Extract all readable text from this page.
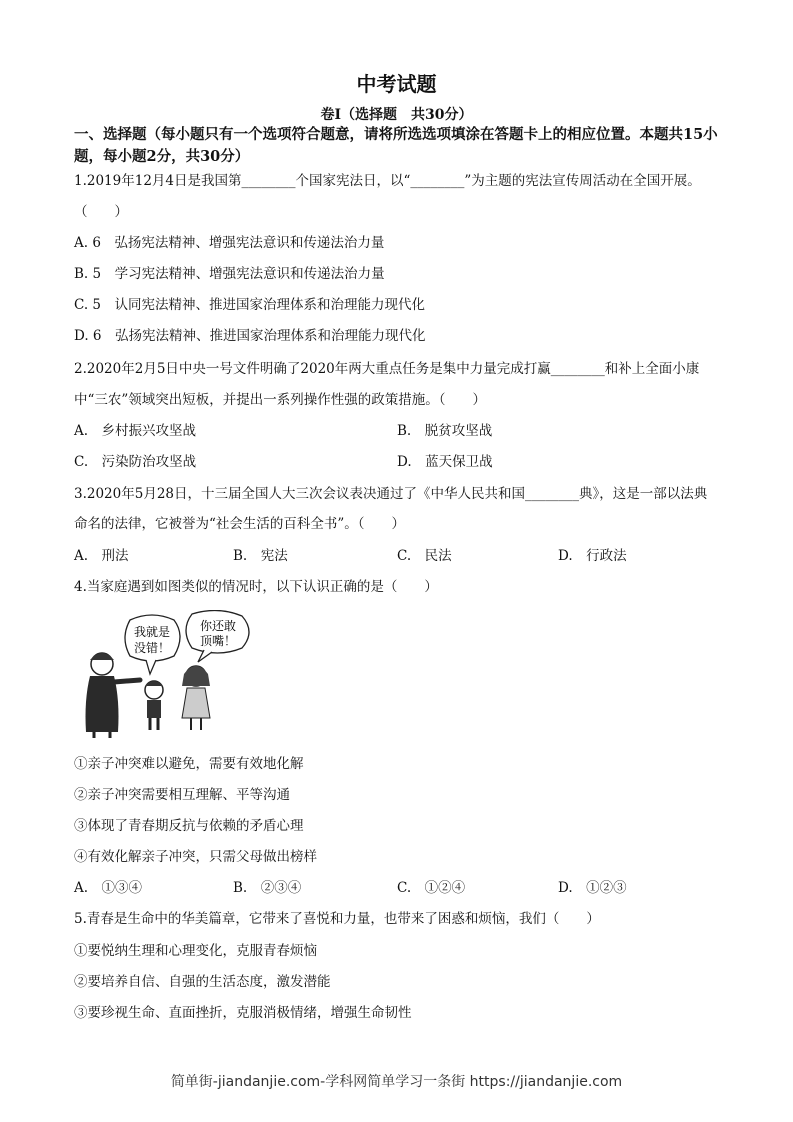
中考试题
卷Ⅰ（选择题　共30分）
一、选择题（每小题只有一个选项符合题意，请将所选选项填涂在答题卡上的相应位置。本题共15小题，每小题2分，共30分）
1.2019年12月4日是我国第________个国家宪法日，以“________”为主题的宪法宣传周活动在全国开展。
（　　）
A. 6　弘扬宪法精神、增强宪法意识和传递法治力量
B. 5　学习宪法精神、增强宪法意识和传递法治力量
C. 5　认同宪法精神、推进国家治理体系和治理能力现代化
D. 6　弘扬宪法精神、推进国家治理体系和治理能力现代化
2.2020年2月5日中央一号文件明确了2020年两大重点任务是集中力量完成打赢________和补上全面小康
中“三农”领域突出短板，并提出一系列操作性强的政策措施。（　　）
A.　乡村振兴攻坚战	B.　脱贫攻坚战
C.　污染防治攻坚战	D.　蓝天保卫战
3.2020年5月28日，十三届全国人大三次会议表决通过了《中华人民共和国________典》，这是一部以法典
命名的法律，它被誉为“社会生活的百科全书”。（　　）
A.　刑法	B.　宪法	C.　民法	D.　行政法
4.当家庭遇到如图类似的情况时，以下认识正确的是（　　）
我就是
没错！
你还敢
顶嘴！
①亲子冲突难以避免，需要有效地化解
②亲子冲突需要相互理解、平等沟通
③体现了青春期反抗与依赖的矛盾心理
④有效化解亲子冲突，只需父母做出榜样
A.　①③④	B.　②③④	C.　①②④	D.　①②③
5.青春是生命中的华美篇章，它带来了喜悦和力量，也带来了困惑和烦恼，我们（　　）
①要悦纳生理和心理变化，克服青春烦恼
②要培养自信、自强的生活态度，激发潜能
③要珍视生命、直面挫折，克服消极情绪，增强生命韧性
简单街-jiandanjie.com-学科网简单学习一条街 https://jiandanjie.com
